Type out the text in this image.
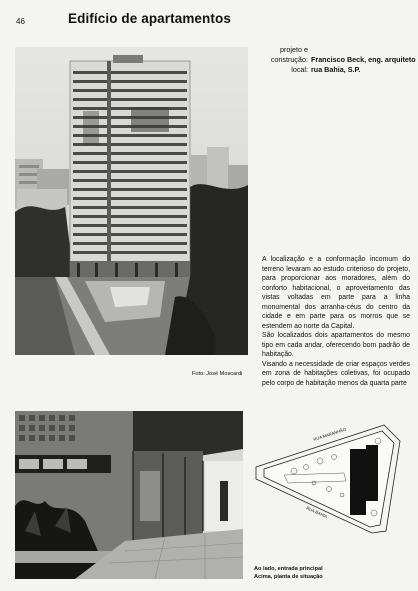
46	Edifício de apartamentos
projeto e
construção: Francisco Beck, eng. arquiteto
local: rua Bahia, S.P.

A localização e a conformação incomum do terreno levaram ao estudo criterioso do projeto, para proporcionar aos moradores, além do conforto habitacional, o aproveitamento das vistas voltadas em parte para a linha monumental dos arranha-céus do centro da cidade e em parte para os morros que se estendem ao norte da Capital.

São localizados dois apartamentos do mesmo tipo em cada andar, oferecendo bom padrão de habitação.

Visando a necessidade de criar espaços verdes em zona de habitações coletivas, foi ocupado pelo corpo de habitação menos da quarta parte

Foto: José Moscardi
RUA MARANHÃO
RUA BAHIA
Ao lado, entrada principal
Acima, planta de situação
